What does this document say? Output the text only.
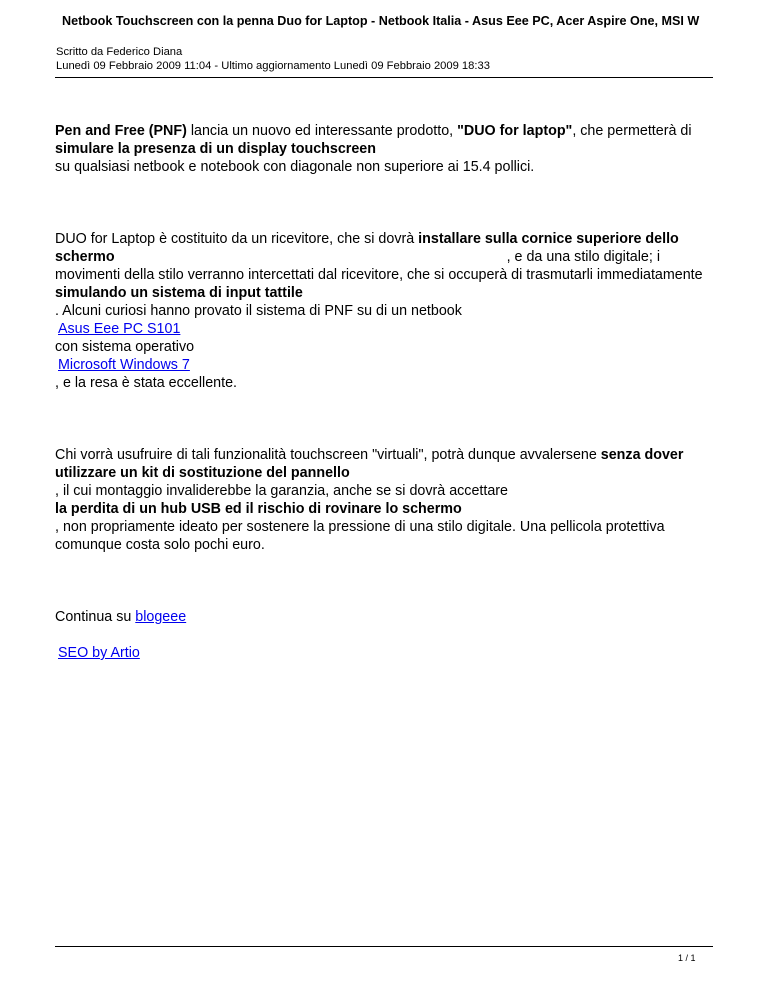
Netbook Touchscreen con la penna Duo for Laptop - Netbook Italia - Asus Eee PC, Acer Aspire One, MSI W
Scritto da Federico Diana
Lunedì 09 Febbraio 2009 11:04 - Ultimo aggiornamento Lunedì 09 Febbraio 2009 18:33

Pen and Free (PNF) lancia un nuovo ed interessante prodotto, "DUO for laptop", che permetterà di
simulare la presenza di un display touchscreen
su qualsiasi netbook e notebook con diagonale non superiore ai 15.4 pollici.

DUO for Laptop è costituito da un ricevitore, che si dovrà installare sulla cornice superiore dello schermo	, e da una stilo digitale; i movimenti della stilo verranno intercettati dal ricevitore, che si occuperà di trasmutarli immediatamente
simulando un sistema di input tattile
. Alcuni curiosi hanno provato il sistema di PNF su di un netbook

Asus Eee PC S101
con sistema operativo

Microsoft Windows 7
, e la resa è stata eccellente.

Chi vorrà usufruire di tali funzionalità touchscreen "virtuali", potrà dunque avvalersene senza dover utilizzare un kit di sostituzione del pannello
, il cui montaggio invaliderebbe la garanzia, anche se si dovrà accettare
la perdita di un hub USB ed il rischio di rovinare lo schermo
, non propriamente ideato per sostenere la pressione di una stilo digitale. Una pellicola protettiva comunque costa solo pochi euro.

Continua su blogeee

SEO by Artio

1 / 1
